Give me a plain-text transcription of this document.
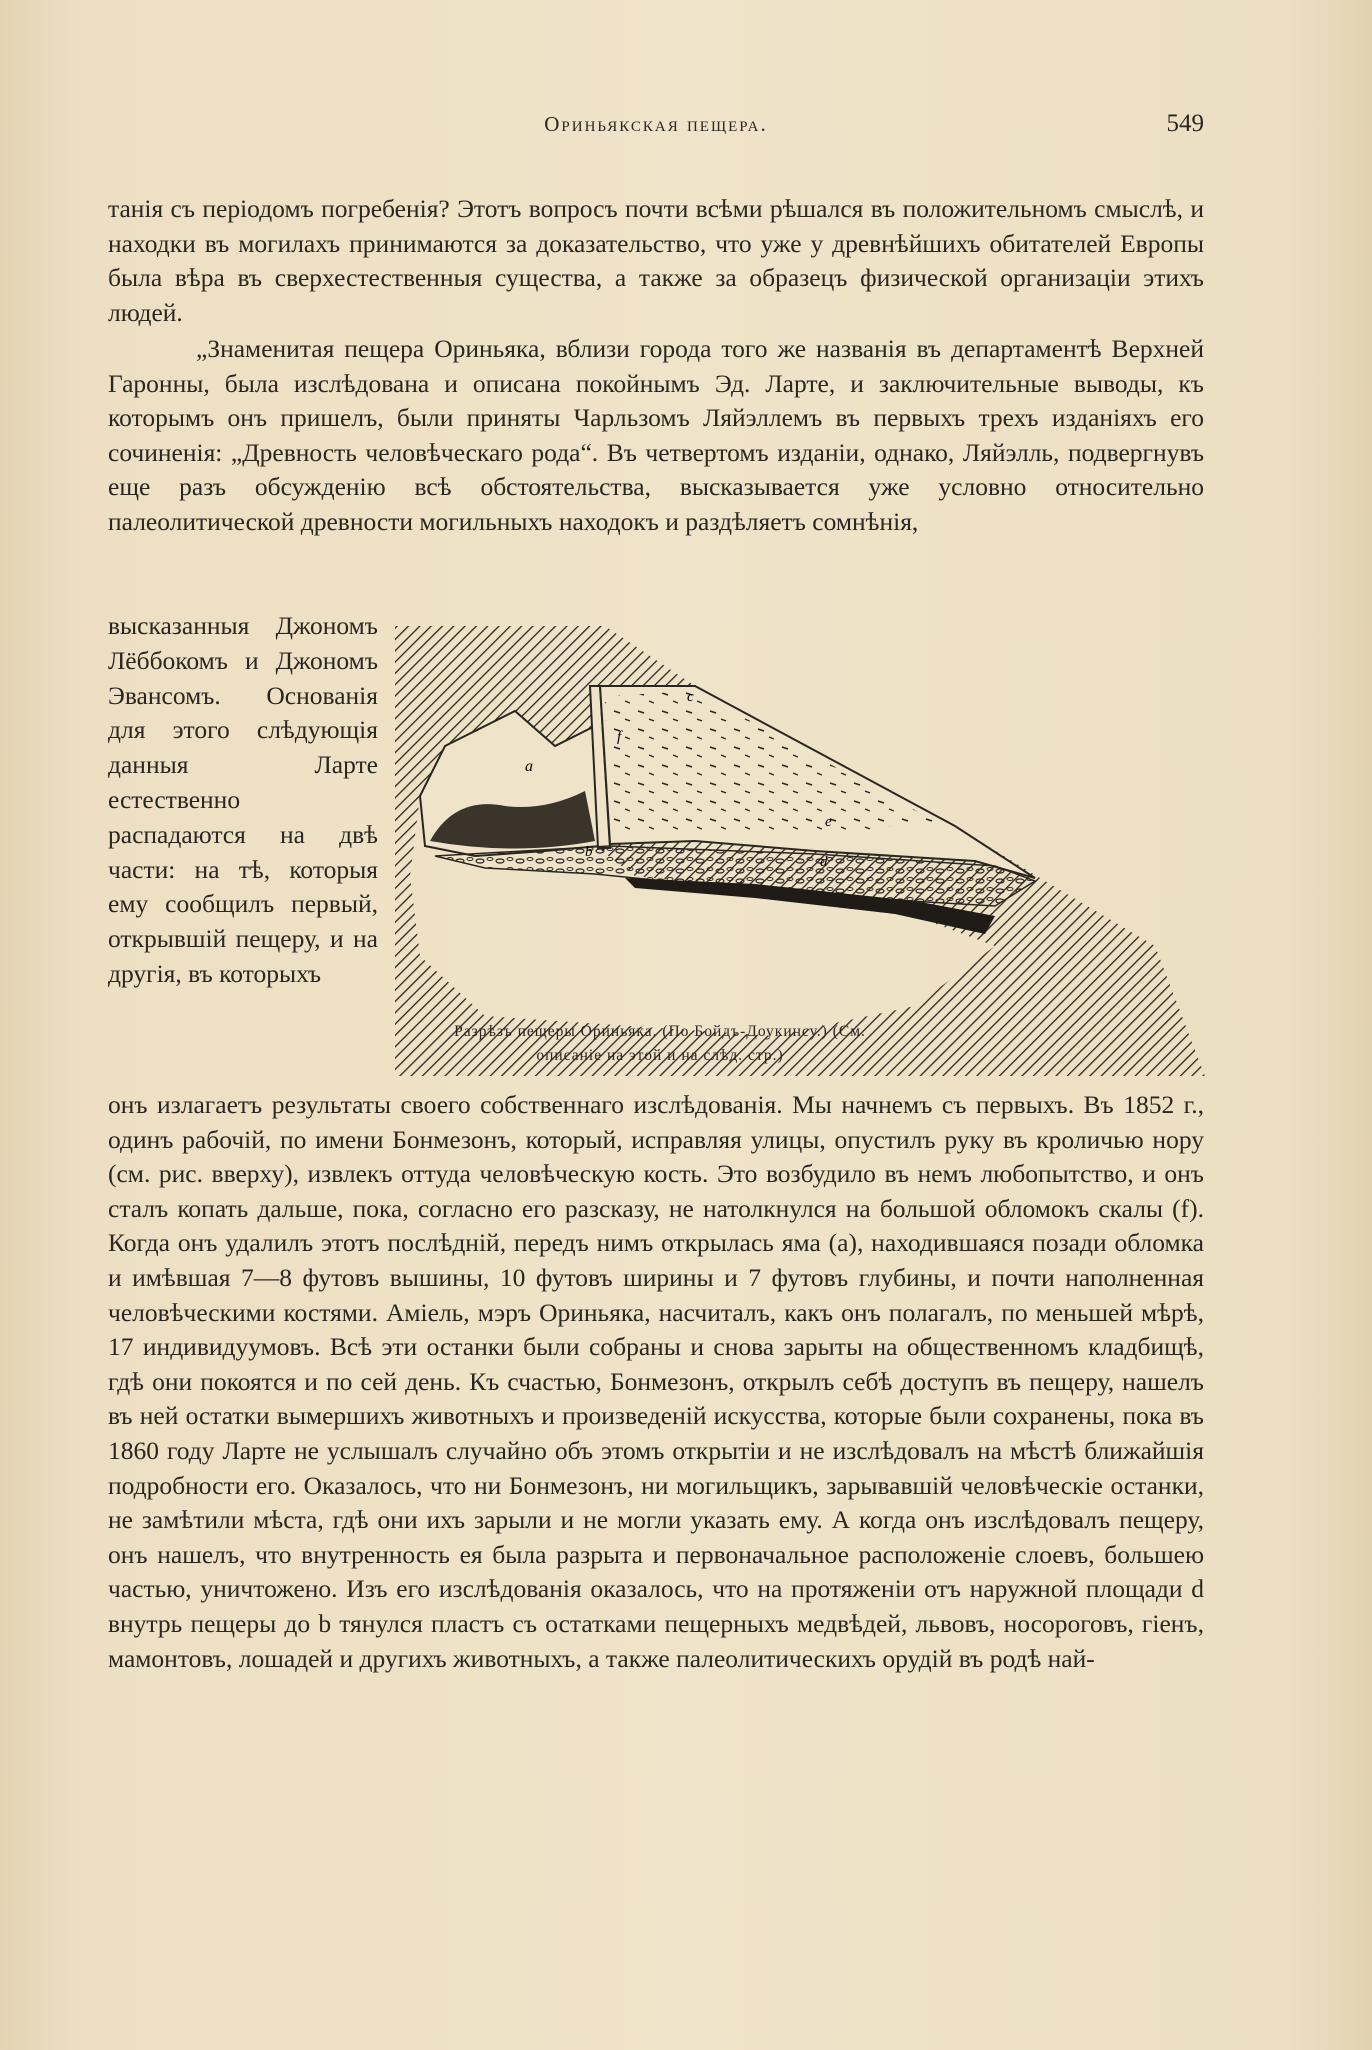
Ориньякская пещера.	549

танія съ періодомъ погребенія? Этотъ вопросъ почти всѣми рѣшался въ положительномъ смыслѣ, и находки въ могилахъ принимаются за доказательство, что уже у древнѣйшихъ обитателей Европы была вѣра въ сверхестественныя существа, а также за образецъ физической организаціи этихъ людей.

„Знаменитая пещера Ориньяка, вблизи города того же названія въ департаментѣ Верхней Гаронны, была изслѣдована и описана покойнымъ Эд. Ларте, и заключительные выводы, къ которымъ онъ пришелъ, были приняты Чарльзомъ Ляйэллемъ въ первыхъ трехъ изданіяхъ его сочиненія: „Древность человѣческаго рода“. Въ четвертомъ изданіи, однако, Ляйэлль, подвергнувъ еще разъ обсужденію всѣ обстоятельства, высказывается уже условно относительно палеолитической древности могильныхъ находокъ и раздѣляетъ сомнѣнія,

высказанныя Джономъ Лёббокомъ и Джономъ Эвансомъ. Основанія для этого слѣдующія данныя Ларте естественно распадаются на двѣ части: на тѣ, которыя ему сообщилъ первый, открывшій пещеру, и на другія, въ которыхъ

a
b
c
d
e
f
Разрѣзъ пещеры Ориньяка. (По Бойдъ-Доукинсу.) (См. описаніе на этой и на слѣд. стр.)

онъ излагаетъ результаты своего собственнаго изслѣдованія. Мы начнемъ съ первыхъ. Въ 1852 г., одинъ рабочій, по имени Бонмезонъ, который, исправляя улицы, опустилъ руку въ кроличью нору (см. рис. вверху), извлекъ оттуда человѣческую кость. Это возбудило въ немъ любопытство, и онъ сталъ копать дальше, пока, согласно его разсказу, не натолкнулся на большой обломокъ скалы (f). Когда онъ удалилъ этотъ послѣдній, передъ нимъ открылась яма (a), находившаяся позади обломка и имѣвшая 7—8 футовъ вышины, 10 футовъ ширины и 7 футовъ глубины, и почти наполненная человѣческими костями. Аміель, мэръ Ориньяка, насчиталъ, какъ онъ полагалъ, по меньшей мѣрѣ, 17 индивидуумовъ. Всѣ эти останки были собраны и снова зарыты на общественномъ кладбищѣ, гдѣ они покоятся и по сей день. Къ счастью, Бонмезонъ, открылъ себѣ доступъ въ пещеру, нашелъ въ ней остатки вымершихъ животныхъ и произведеній искусства, которые были сохранены, пока въ 1860 году Ларте не услышалъ случайно объ этомъ открытіи и не изслѣдовалъ на мѣстѣ ближайшія подробности его. Оказалось, что ни Бонмезонъ, ни могильщикъ, зарывавшій человѣческіе останки, не замѣтили мѣста, гдѣ они ихъ зарыли и не могли указать ему. А когда онъ изслѣдовалъ пещеру, онъ нашелъ, что внутренность ея была разрыта и первоначальное расположеніе слоевъ, большею частью, уничтожено. Изъ его изслѣдованія оказалось, что на протяженіи отъ наружной площади d внутрь пещеры до b тянулся пластъ съ остатками пещерныхъ медвѣдей, львовъ, носороговъ, гіенъ, мамонтовъ, лошадей и другихъ животныхъ, а также палеолитическихъ орудій въ родѣ най-
